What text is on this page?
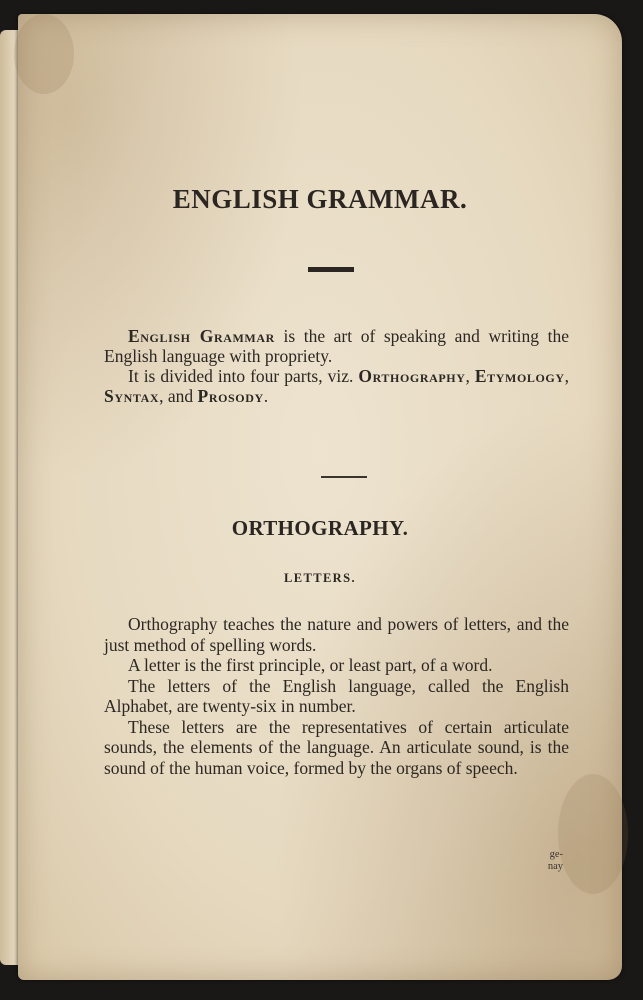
ENGLISH GRAMMAR.
English Grammar is the art of speaking and writing the English language with propriety.
It is divided into four parts, viz. Orthography, Etymology, Syntax, and Prosody.
ORTHOGRAPHY.
LETTERS.
Orthography teaches the nature and powers of letters, and the just method of spelling words.
A letter is the first principle, or least part, of a word.
The letters of the English language, called the English Alphabet, are twenty-six in number.
These letters are the representatives of certain articulate sounds, the elements of the language. An articulate sound, is the sound of the human voice, formed by the organs of speech.
ge-
nay
